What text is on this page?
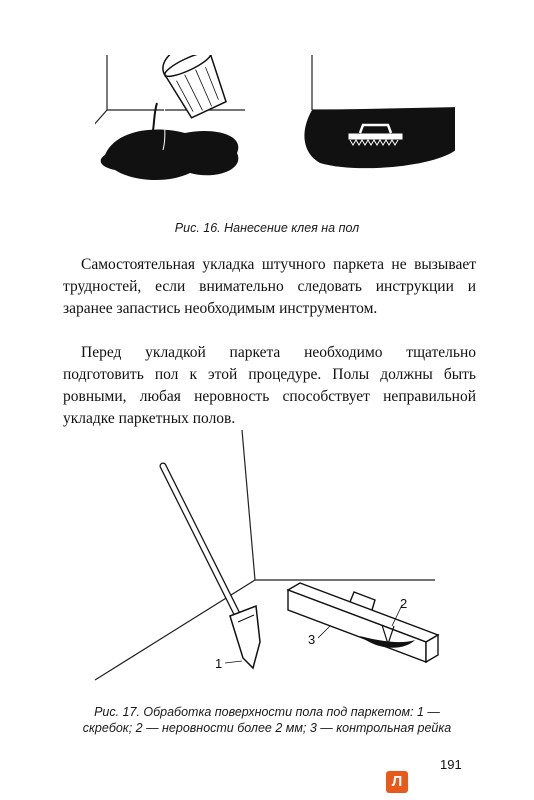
Рис. 16. Нанесение клея на пол

Самостоятельная укладка штучного паркета не вызывает трудностей, если внимательно следовать инструкции и заранее запастись необходимым инструментом.

Перед укладкой паркета необходимо тщательно подготовить пол к этой процедуре. Полы должны быть ровными, любая неровность способствует неправильной укладке паркетных полов.

1
2
3
Рис. 17. Обработка поверхности пола под паркетом: 1 —
скребок; 2 — неровности более 2 мм; 3 — контрольная рейка
191
Л
